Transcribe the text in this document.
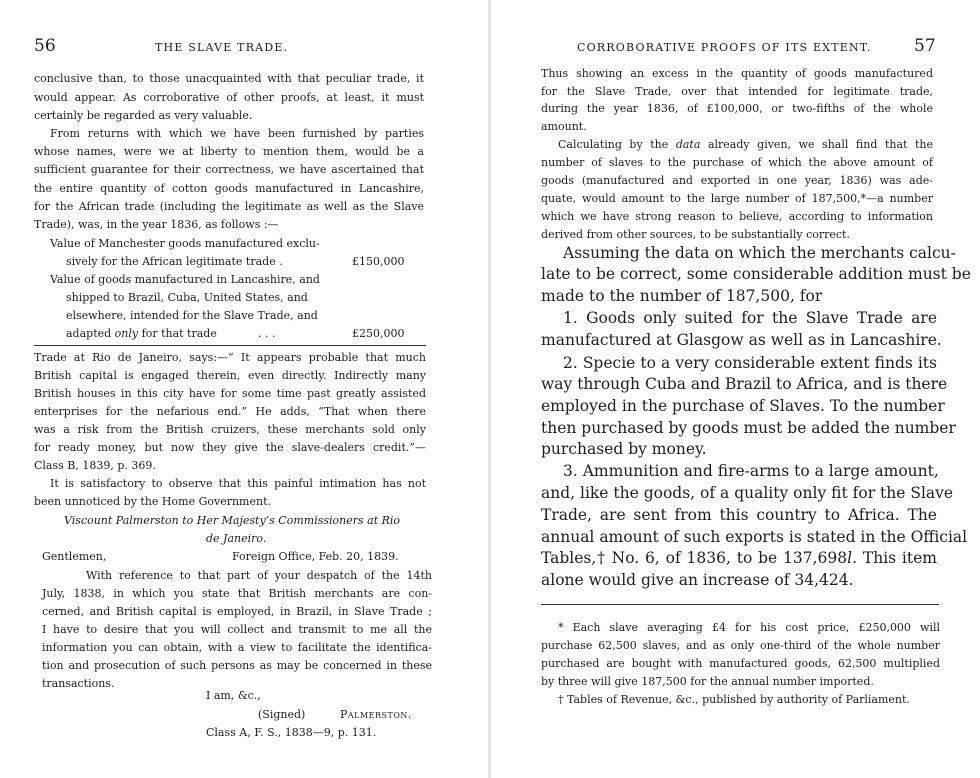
56	THE SLAVE TRADE.
conclusive than, to those unacquainted with that peculiar trade, it
would appear. As corroborative of other proofs, at least, it must
certainly be regarded as very valuable.
From returns with which we have been furnished by parties
whose names, were we at liberty to mention them, would be a
sufficient guarantee for their correctness, we have ascertained that
the entire quantity of cotton goods manufactured in Lancashire,
for the African trade (including the legitimate as well as the Slave
Trade), was, in the year 1836, as follows :—
Value of Manchester goods manufactured exclu-
sively for the African legitimate trade .	£150,000
Value of goods manufactured in Lancashire, and
shipped to Brazil, Cuba, United States, and
elsewhere, intended for the Slave Trade, and
adapted only for that trade	. . .	£250,000
Trade at Rio de Janeiro, says:—“ It appears probable that much
British capital is engaged therein, even directly. Indirectly many
British houses in this city have for some time past greatly assisted
enterprises for the nefarious end.” He adds, “That when there
was a risk from the British cruizers, these merchants sold only
for ready money, but now they give the slave-dealers credit.”—
Class B, 1839, p. 369.
It is satisfactory to observe that this painful intimation has not
been unnoticed by the Home Government.
Viscount Palmerston to Her Majesty’s Commissioners at Rio
de Janeiro.
Gentlemen,	Foreign Office, Feb. 20, 1839.
With reference to that part of your despatch of the 14th
July, 1838, in which you state that British merchants are con-
cerned, and British capital is employed, in Brazil, in Slave Trade ;
I have to desire that you will collect and transmit to me all the
information you can obtain, with a view to facilitate the identifica-
tion and prosecution of such persons as may be concerned in these
transactions.
I am, &c.,
(Signed)	Palmerston.
Class A, F. S., 1838—9, p. 131.
CORROBORATIVE PROOFS OF ITS EXTENT.	57
Thus showing an excess in the quantity of goods manufactured
for the Slave Trade, over that intended for legitimate trade,
during the year 1836, of £100,000, or two-fifths of the whole
amount.
Calculating by the data already given, we shall find that the
number of slaves to the purchase of which the above amount of
goods (manufactured and exported in one year, 1836) was ade-
quate, would amount to the large number of 187,500,*—a number
which we have strong reason to believe, according to information
derived from other sources, to be substantially correct.
Assuming the data on which the merchants calcu-
late to be correct, some considerable addition must be
made to the number of 187,500, for
1. Goods only suited for the Slave Trade are
manufactured at Glasgow as well as in Lancashire.
2. Specie to a very considerable extent finds its
way through Cuba and Brazil to Africa, and is there
employed in the purchase of Slaves. To the number
then purchased by goods must be added the number
purchased by money.
3. Ammunition and fire-arms to a large amount,
and, like the goods, of a quality only fit for the Slave
Trade, are sent from this country to Africa. The
annual amount of such exports is stated in the Official
Tables,† No. 6, of 1836, to be 137,698l. This item
alone would give an increase of 34,424.
* Each slave averaging £4 for his cost price, £250,000 will
purchase 62,500 slaves, and as only one-third of the whole number
purchased are bought with manufactured goods, 62,500 multiplied
by three will give 187,500 for the annual number imported.
† Tables of Revenue, &c., published by authority of Parliament.
